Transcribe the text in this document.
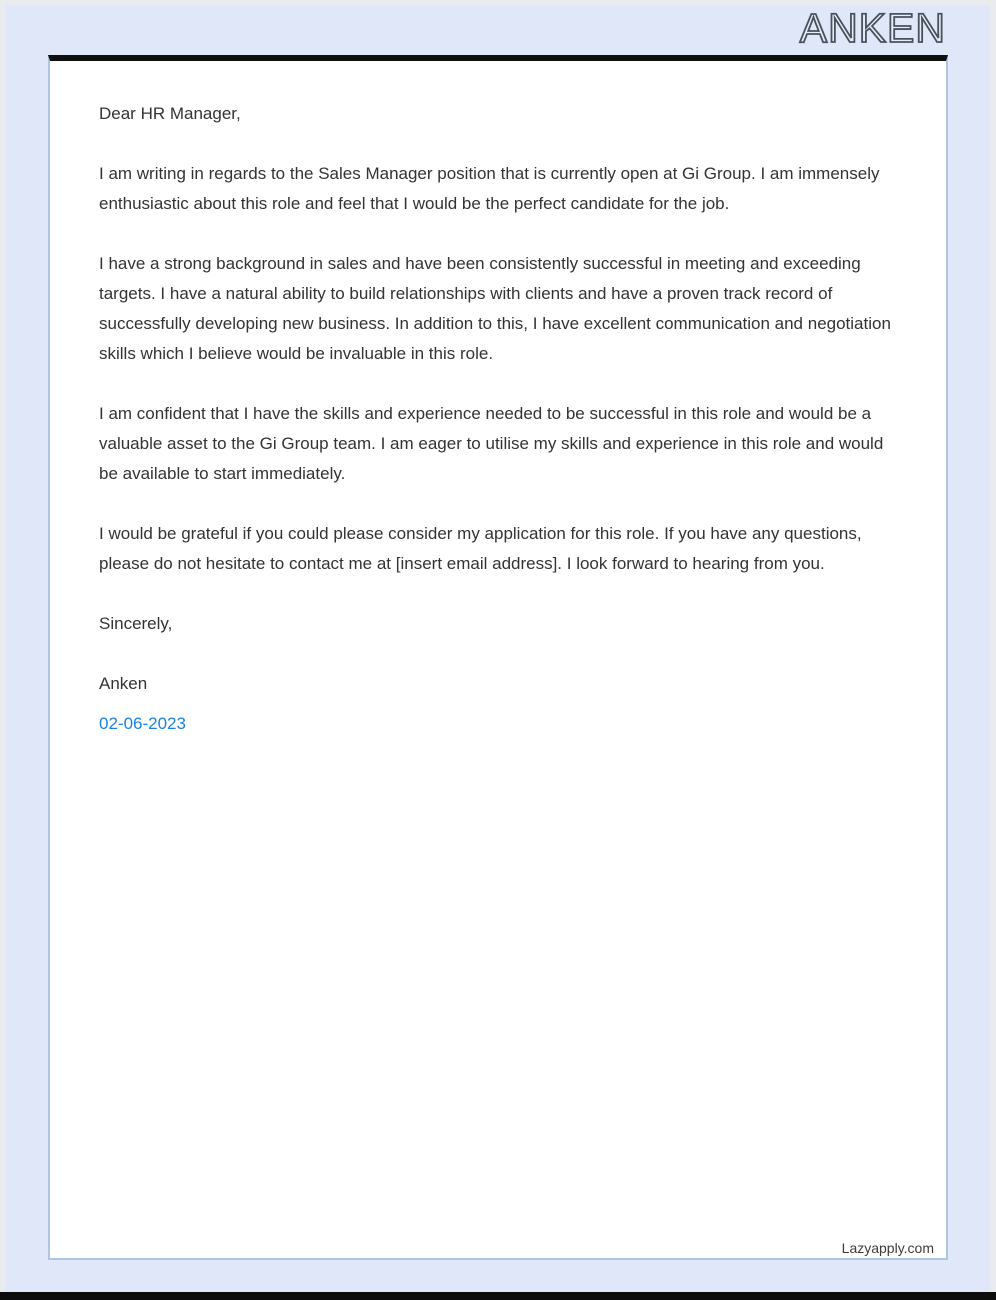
ANKEN

Dear HR Manager,

I am writing in regards to the Sales Manager position that is currently open at Gi Group. I am immensely enthusiastic about this role and feel that I would be the perfect candidate for the job.

I have a strong background in sales and have been consistently successful in meeting and exceeding targets. I have a natural ability to build relationships with clients and have a proven track record of successfully developing new business. In addition to this, I have excellent communication and negotiation skills which I believe would be invaluable in this role.

I am confident that I have the skills and experience needed to be successful in this role and would be a valuable asset to the Gi Group team. I am eager to utilise my skills and experience in this role and would be available to start immediately.

I would be grateful if you could please consider my application for this role. If you have any questions, please do not hesitate to contact me at [insert email address]. I look forward to hearing from you.

Sincerely,

Anken

02-06-2023

Lazyapply.com
